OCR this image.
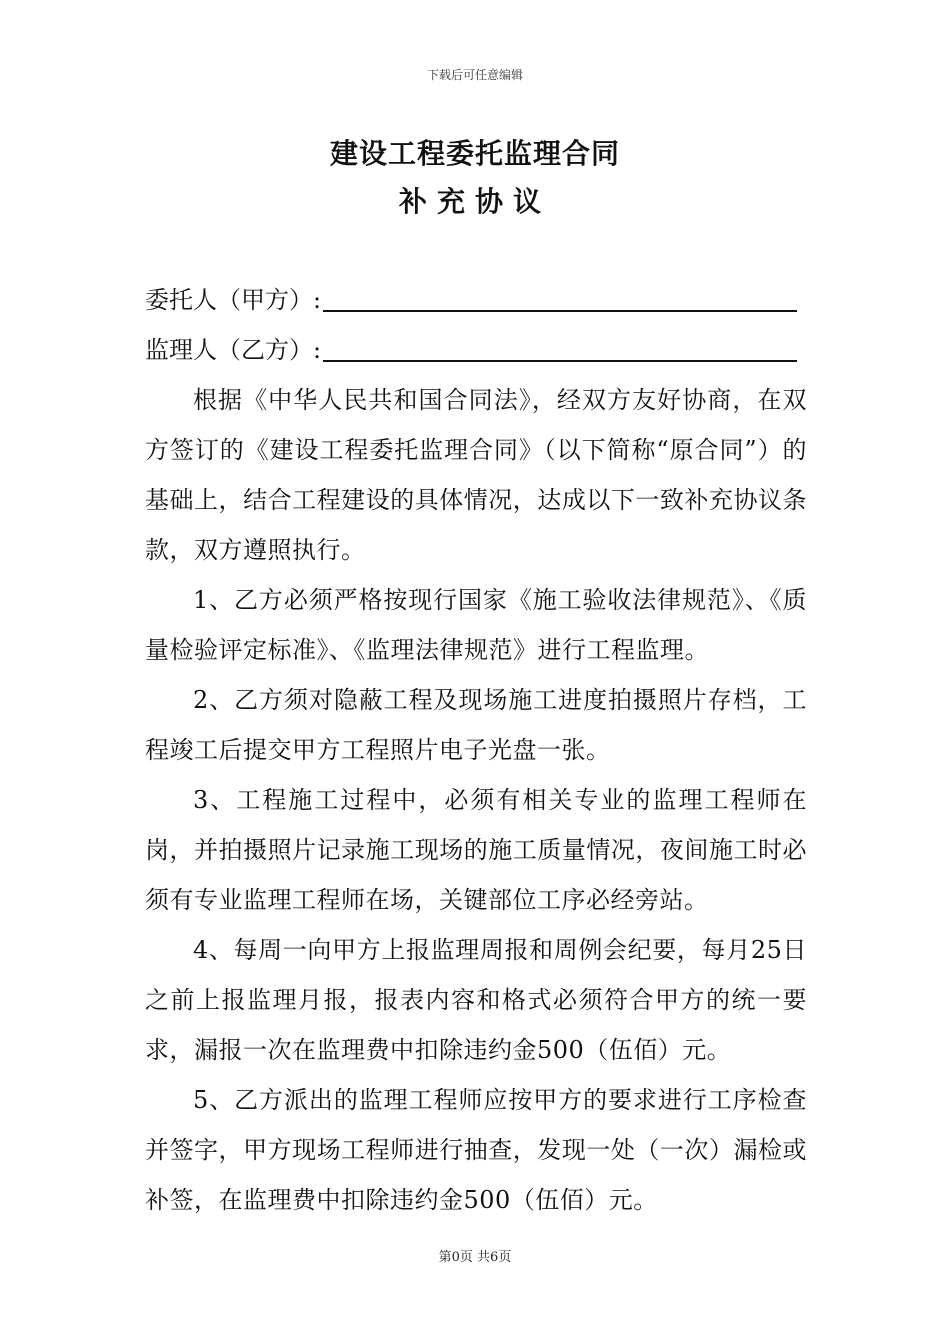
下载后可任意编辑
建设工程委托监理合同
补充协议
委托人（甲方）:
监理人（乙方）:

根据《中华人民共和国合同法》，经双方友好协商，在双方签订的《建设工程委托监理合同》（以下简称“原合同”）的基础上，结合工程建设的具体情况，达成以下一致补充协议条款，双方遵照执行。

1、乙方必须严格按现行国家《施工验收法律规范》、《质量检验评定标准》、《监理法律规范》进行工程监理。

2、乙方须对隐蔽工程及现场施工进度拍摄照片存档，工程竣工后提交甲方工程照片电子光盘一张。

3、工程施工过程中，必须有相关专业的监理工程师在岗，并拍摄照片记录施工现场的施工质量情况，夜间施工时必须有专业监理工程师在场，关键部位工序必经旁站。

4、每周一向甲方上报监理周报和周例会纪要，每月25日之前上报监理月报，报表内容和格式必须符合甲方的统一要求，漏报一次在监理费中扣除违约金500（伍佰）元。

5、乙方派出的监理工程师应按甲方的要求进行工序检查并签字，甲方现场工程师进行抽查，发现一处（一次）漏检或补签，在监理费中扣除违约金500（伍佰）元。

第0页 共6页
